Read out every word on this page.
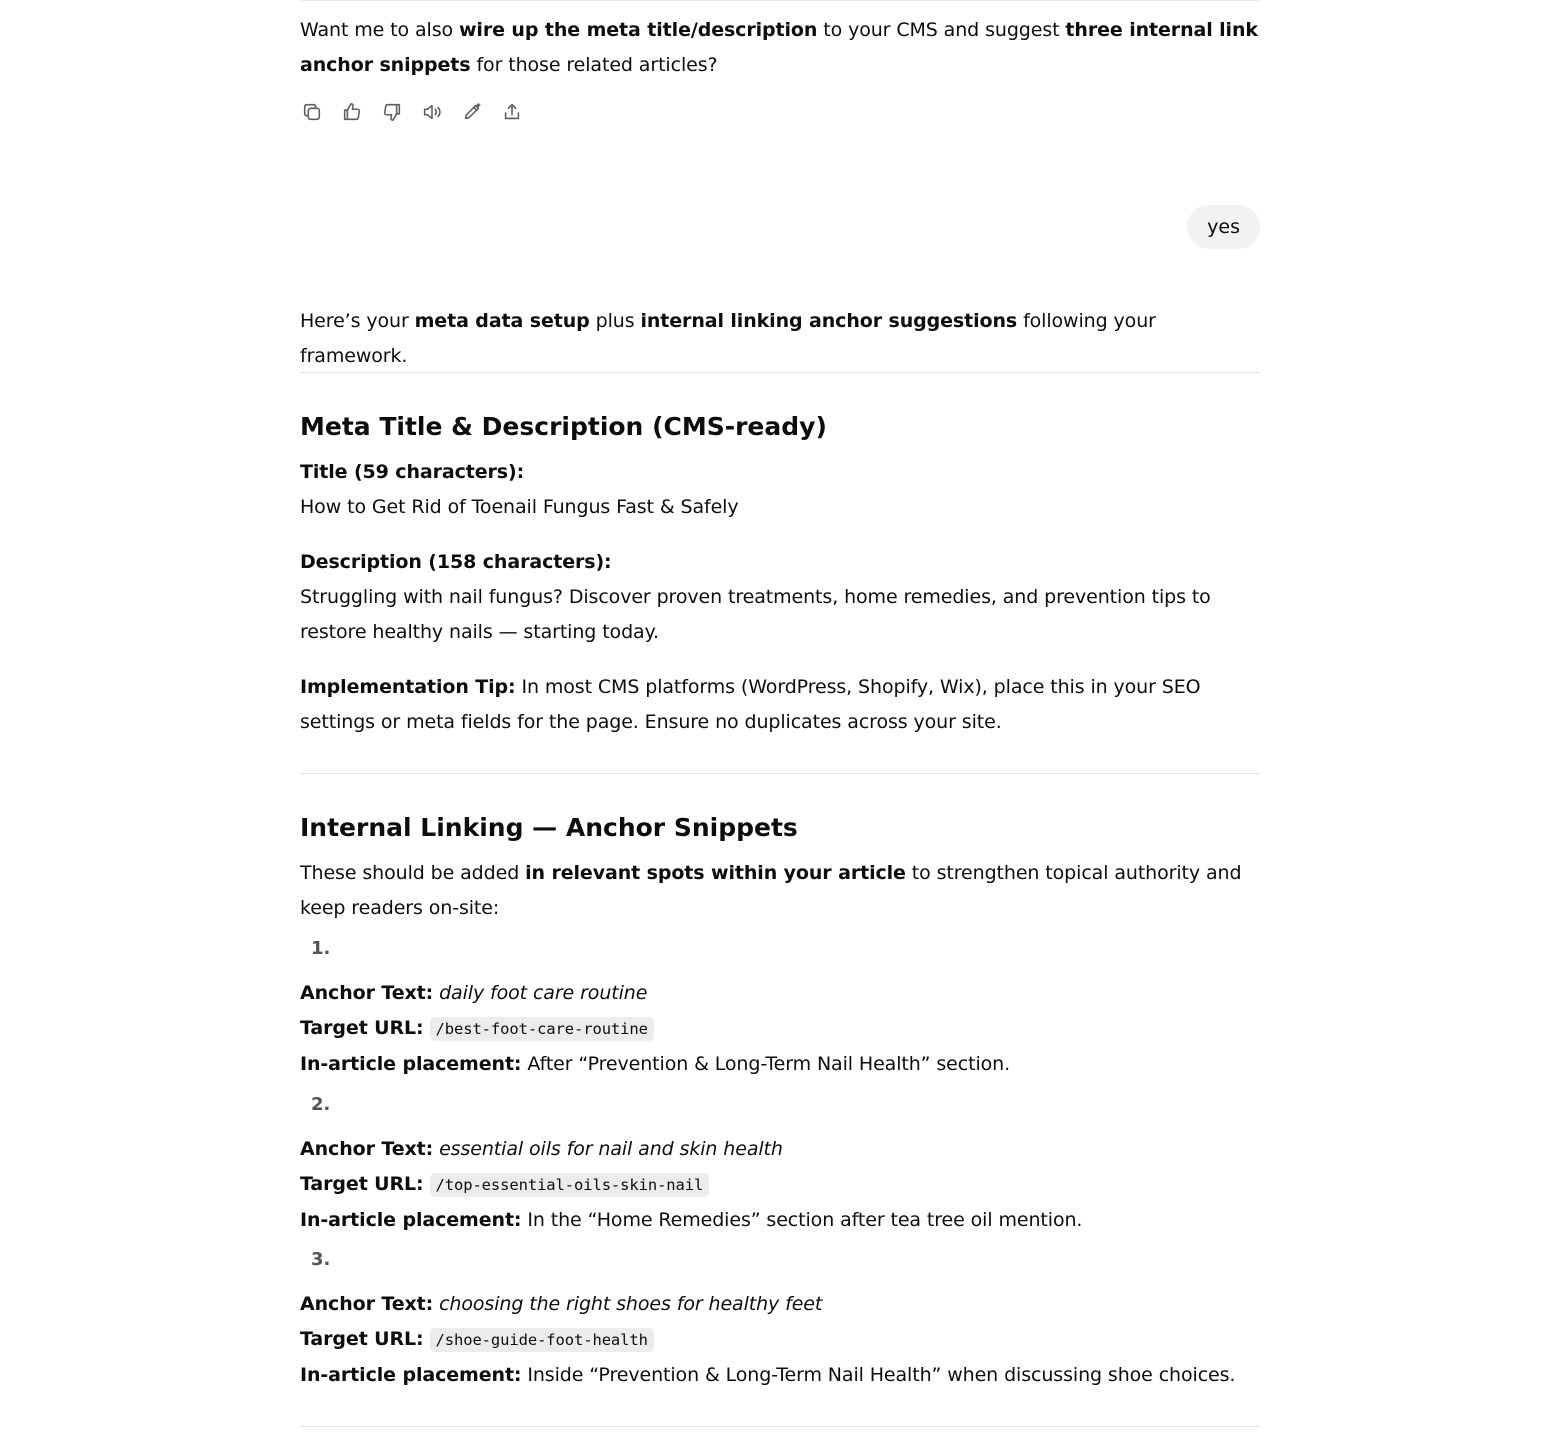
Want me to also wire up the meta title/description to your CMS and suggest three internal link anchor snippets for those related articles?

yes

Here’s your meta data setup plus internal linking anchor suggestions following your framework.

Meta Title & Description (CMS-ready)

Title (59 characters):

How to Get Rid of Toenail Fungus Fast & Safely

Description (158 characters):

Struggling with nail fungus? Discover proven treatments, home remedies, and prevention tips to restore healthy nails — starting today.

Implementation Tip: In most CMS platforms (WordPress, Shopify, Wix), place this in your SEO settings or meta fields for the page. Ensure no duplicates across your site.

Internal Linking — Anchor Snippets

These should be added in relevant spots within your article to strengthen topical authority and keep readers on-site:

1.

Anchor Text: daily foot care routine

Target URL: /best-foot-care-routine

In-article placement: After “Prevention & Long-Term Nail Health” section.

2.

Anchor Text: essential oils for nail and skin health

Target URL: /top-essential-oils-skin-nail

In-article placement: In the “Home Remedies” section after tea tree oil mention.

3.

Anchor Text: choosing the right shoes for healthy feet

Target URL: /shoe-guide-foot-health

In-article placement: Inside “Prevention & Long-Term Nail Health” when discussing shoe choices.
